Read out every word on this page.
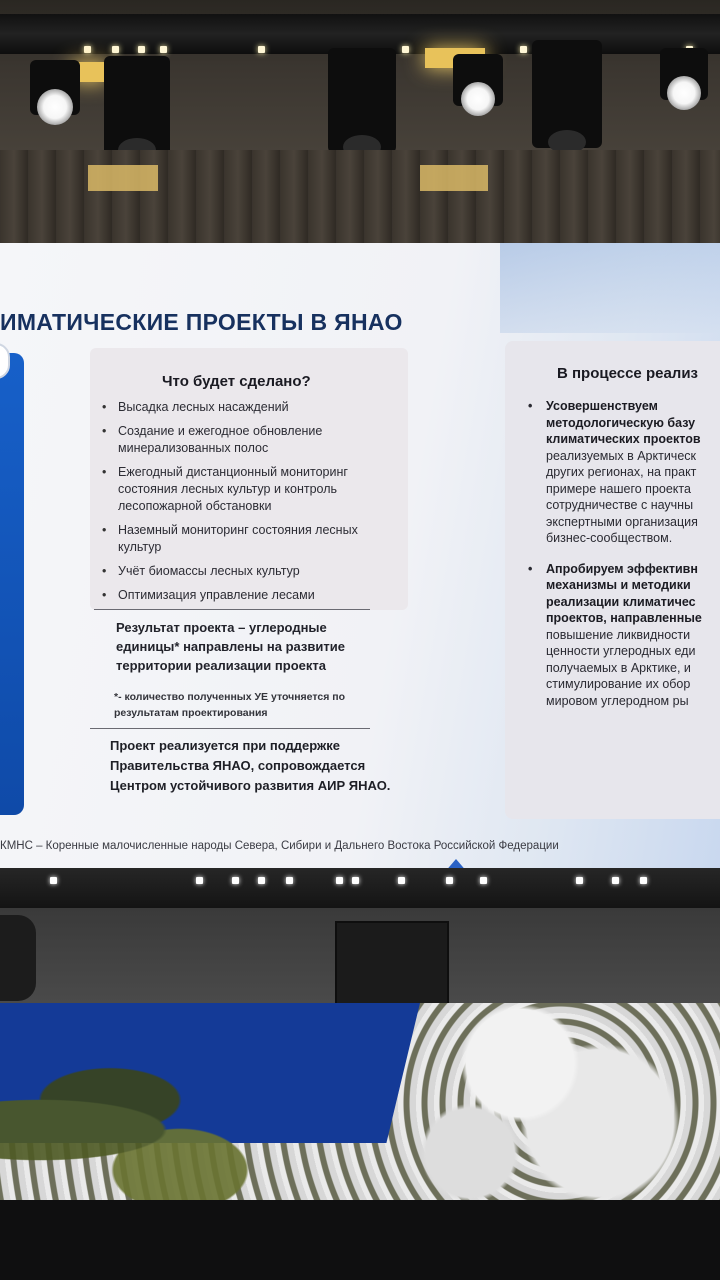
ИМАТИЧЕСКИЕ ПРОЕКТЫ В ЯНАО
Что будет сделано?
• Высадка лесных насаждений
• Создание и ежегодное обновление минерализованных полос
• Ежегодный дистанционный мониторинг состояния лесных культур и контроль лесопожарной обстановки
• Наземный мониторинг состояния лесных культур
• Учёт биомассы лесных культур
• Оптимизация управление лесами
Результат проекта – углеродные единицы* направлены на развитие территории реализации проекта
*- количество полученных УЕ уточняется по результатам проектирования
Проект реализуется при поддержке Правительства ЯНАО, сопровождается Центром устойчивого развития АИР ЯНАО.
В процессе реализ
• Усовершенствуем
методологическую базу
климатических проектов
реализуемых в Арктическ
других регионах, на практ
примере нашего проекта
сотрудничестве с научны
экспертными организация
бизнес-сообществом.
• Апробируем эффективн
механизмы и методики
реализации климатичес
проектов, направленные
повышение ликвидности
ценности углеродных еди
получаемых в Арктике, и
стимулирование их обор
мировом углеродном ры
КМНС – Коренные малочисленные народы Севера, Сибири и Дальнего Востока Российской Федерации
